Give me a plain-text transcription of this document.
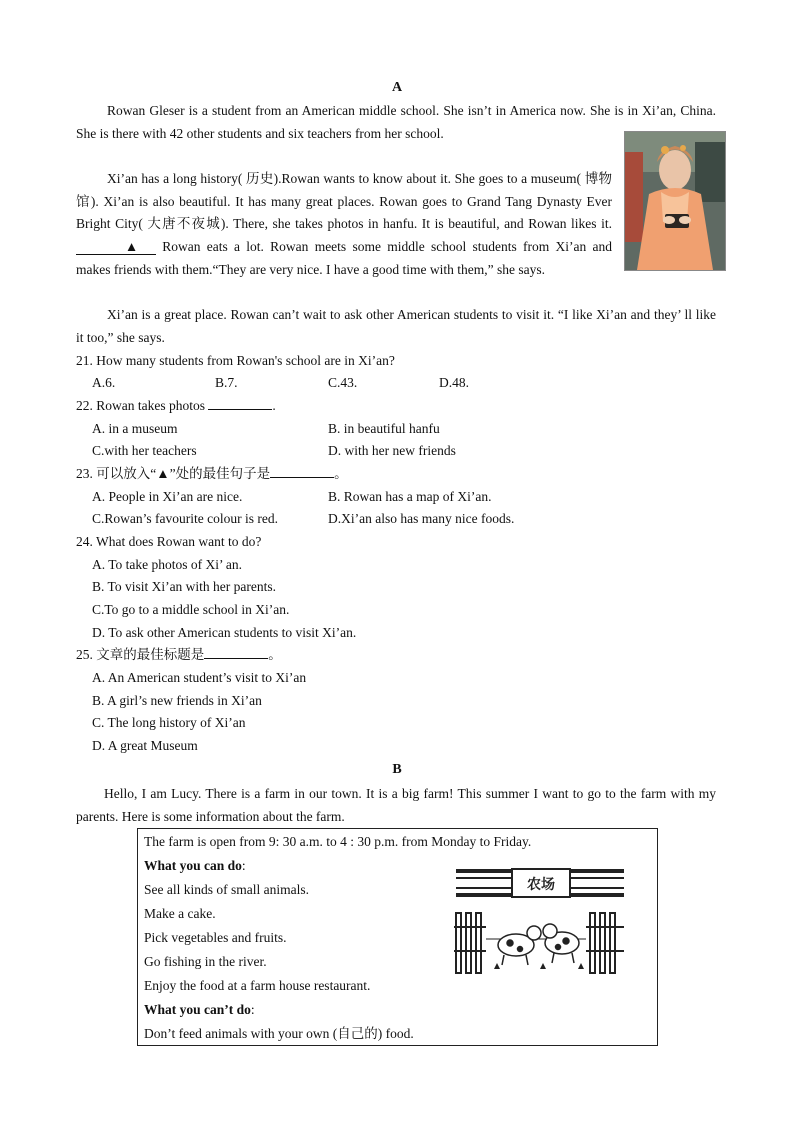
A

Rowan Gleser is a student from an American middle school. She isn’t in America now. She is in Xi’an, China. She is there with 42 other students and six teachers from her school.

Xi’an has a long history( 历史).Rowan wants to know about it. She goes to a museum( 博物馆). Xi’an is also beautiful. It has many great places. Rowan goes to Grand Tang Dynasty Ever Bright City( 大唐不夜城). There, she takes photos in hanfu. It is beautiful, and Rowan likes it. ▲ Rowan eats a lot. Rowan meets some middle school students from Xi’an and makes friends with them.“They are very nice. I have a good time with them,” she says.

Xi’an is a great place. Rowan can’t wait to ask other American students to visit it. “I like Xi’an and they’ ll like it too,” she says.

21. How many students from Rowan's school are in Xi’an?
A.6.	B.7.	C.43.	D.48.
22. Rowan takes photos	.
A. in a museum	B. in beautiful hanfu
C.with her teachers	D. with her new friends
23. 可以放入“▲”处的最佳句子是	。
A. People in Xi’an are nice.	B. Rowan has a map of Xi’an.
C.Rowan’s favourite colour is red.	D.Xi’an also has many nice foods.
24. What does Rowan want to do?
A. To take photos of Xi’ an.
B. To visit Xi’an with her parents.
C.To go to a middle school in Xi’an.
D. To ask other American students to visit Xi’an.
25. 文章的最佳标题是	。
A. An American student’s visit to Xi’an
B. A girl’s new friends in Xi’an
C. The long history of Xi’an
D. A great Museum
B

Hello, I am Lucy. There is a farm in our town. It is a big farm! This summer I want to go to the farm with my parents. Here is some information about the farm.

The farm is open from 9: 30 a.m. to 4 : 30 p.m. from Monday to Friday.
What you can do:
See all kinds of small animals.
Make a cake.
Pick vegetables and fruits.
Go fishing in the river.
Enjoy the food at a farm house restaurant.
What you can’t do:
Don’t feed animals with your own (自己的) food.
农场
